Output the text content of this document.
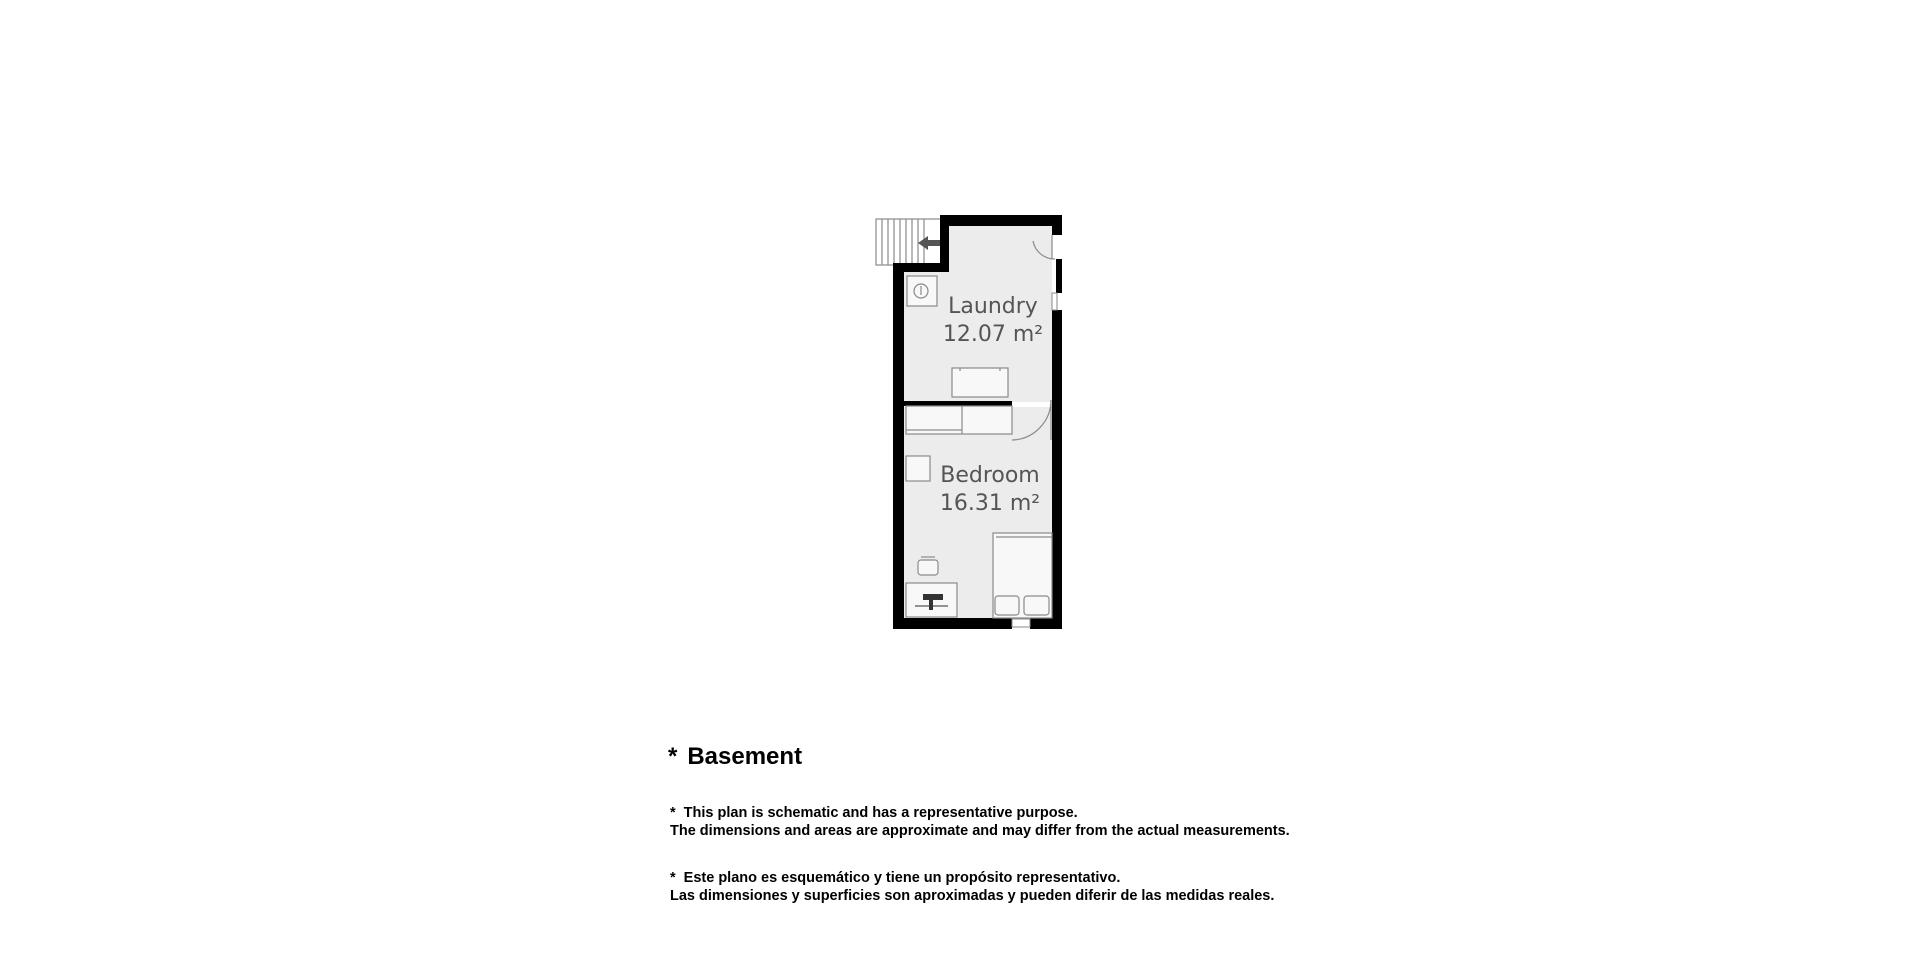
Laundry
12.07 m²
Bedroom
16.31 m²
* Basement
* This plan is schematic and has a representative purpose.
The dimensions and areas are approximate and may differ from the actual measurements.
* Este plano es esquemático y tiene un propósito representativo.
Las dimensiones y superficies son aproximadas y pueden diferir de las medidas reales.
